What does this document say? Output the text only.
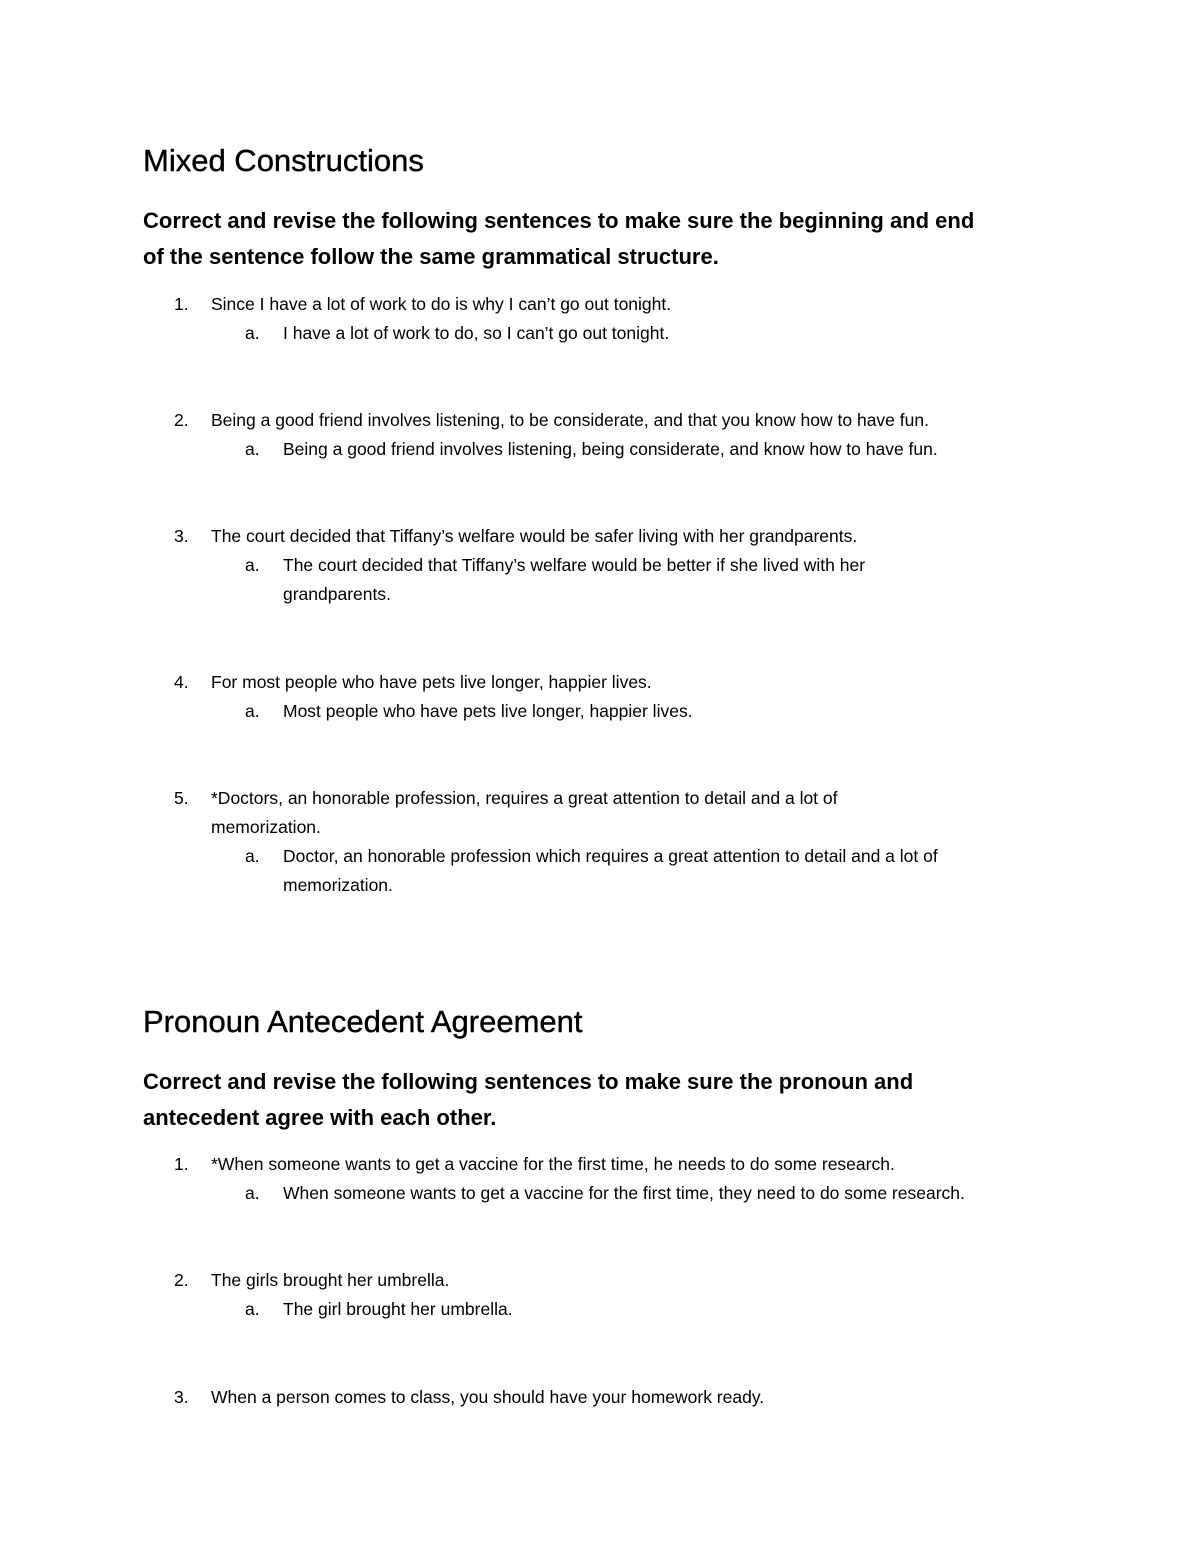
Mixed Constructions
Correct and revise the following sentences to make sure the beginning and end
of the sentence follow the same grammatical structure.
1.	Since I have a lot of work to do is why I can’t go out tonight.
a.	I have a lot of work to do, so I can’t go out tonight.
2.	Being a good friend involves listening, to be considerate, and that you know how to have fun.
a.	Being a good friend involves listening, being considerate, and know how to have fun.
3.	The court decided that Tiffany’s welfare would be safer living with her grandparents.
a.	The court decided that Tiffany’s welfare would be better if she lived with her
grandparents.
4.	For most people who have pets live longer, happier lives.
a.	Most people who have pets live longer, happier lives.
5.	*Doctors, an honorable profession, requires a great attention to detail and a lot of
memorization.
a.	Doctor, an honorable profession which requires a great attention to detail and a lot of
memorization.
Pronoun Antecedent Agreement
Correct and revise the following sentences to make sure the pronoun and
antecedent agree with each other.
1.	*When someone wants to get a vaccine for the first time, he needs to do some research.
a.	When someone wants to get a vaccine for the first time, they need to do some research.
2.	The girls brought her umbrella.
a.	The girl brought her umbrella.
3.	When a person comes to class, you should have your homework ready.
